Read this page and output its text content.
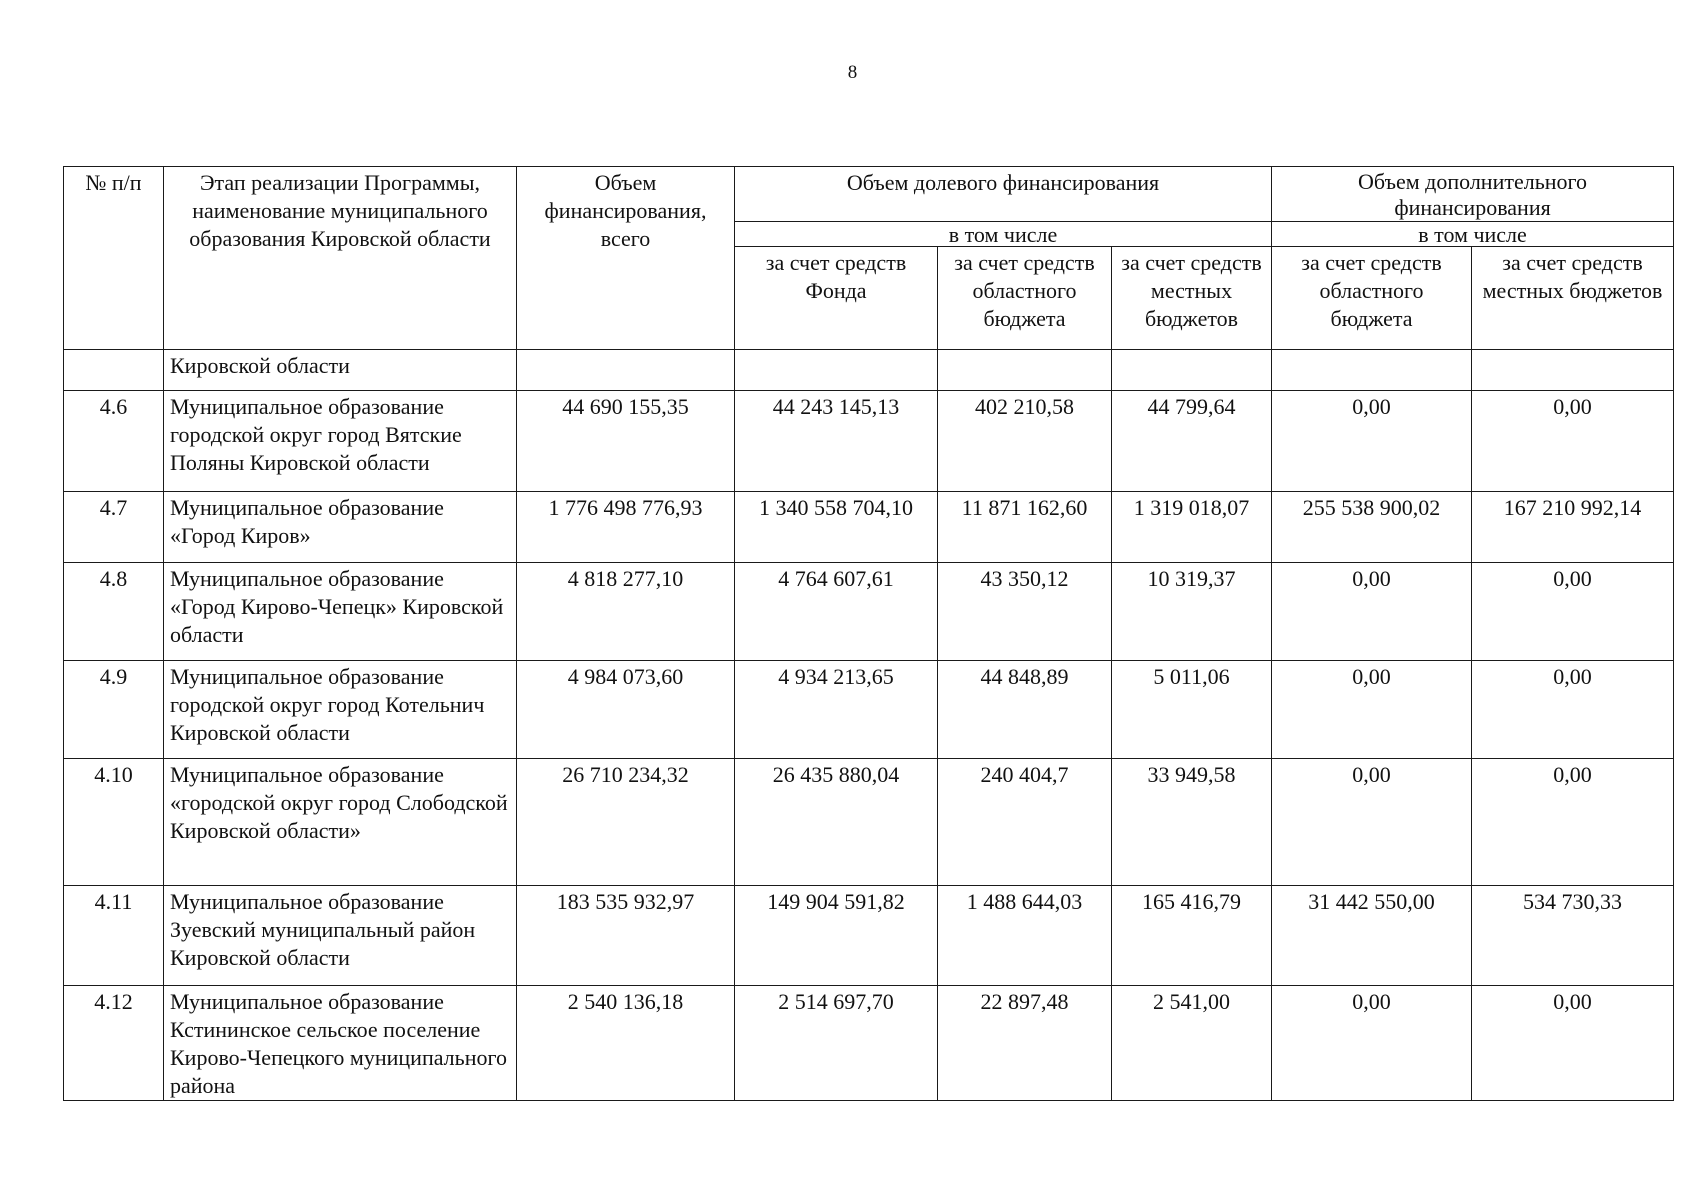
8
№ п/п	Этап реализации Программы, наименование муниципального образования Кировской области	Объем финансирования, всего	Объем долевого финансирования			Объем дополнительного финансирования	
			в том числе			в том числе	
			за счет средств Фонда	за счет средств областного бюджета	за счет средств местных бюджетов	за счет средств областного бюджета	за счет средств местных бюджетов
	Кировской области						
4.6	Муниципальное образование городской округ город Вятские Поляны Кировской области	44 690 155,35	44 243 145,13	402 210,58	44 799,64	0,00	0,00
4.7	Муниципальное образование «Город Киров»	1 776 498 776,93	1 340 558 704,10	11 871 162,60	1 319 018,07	255 538 900,02	167 210 992,14
4.8	Муниципальное образование «Город Кирово-Чепецк» Кировской области	4 818 277,10	4 764 607,61	43 350,12	10 319,37	0,00	0,00
4.9	Муниципальное образование городской округ город Котельнич Кировской области	4 984 073,60	4 934 213,65	44 848,89	5 011,06	0,00	0,00
4.10	Муниципальное образование «городской округ город Слободской Кировской области»	26 710 234,32	26 435 880,04	240 404,7	33 949,58	0,00	0,00
4.11	Муниципальное образование Зуевский муниципальный район Кировской области	183 535 932,97	149 904 591,82	1 488 644,03	165 416,79	31 442 550,00	534 730,33
4.12	Муниципальное образование Кстининское сельское поселение Кирово-Чепецкого муниципального района	2 540 136,18	2 514 697,70	22 897,48	2 541,00	0,00	0,00
